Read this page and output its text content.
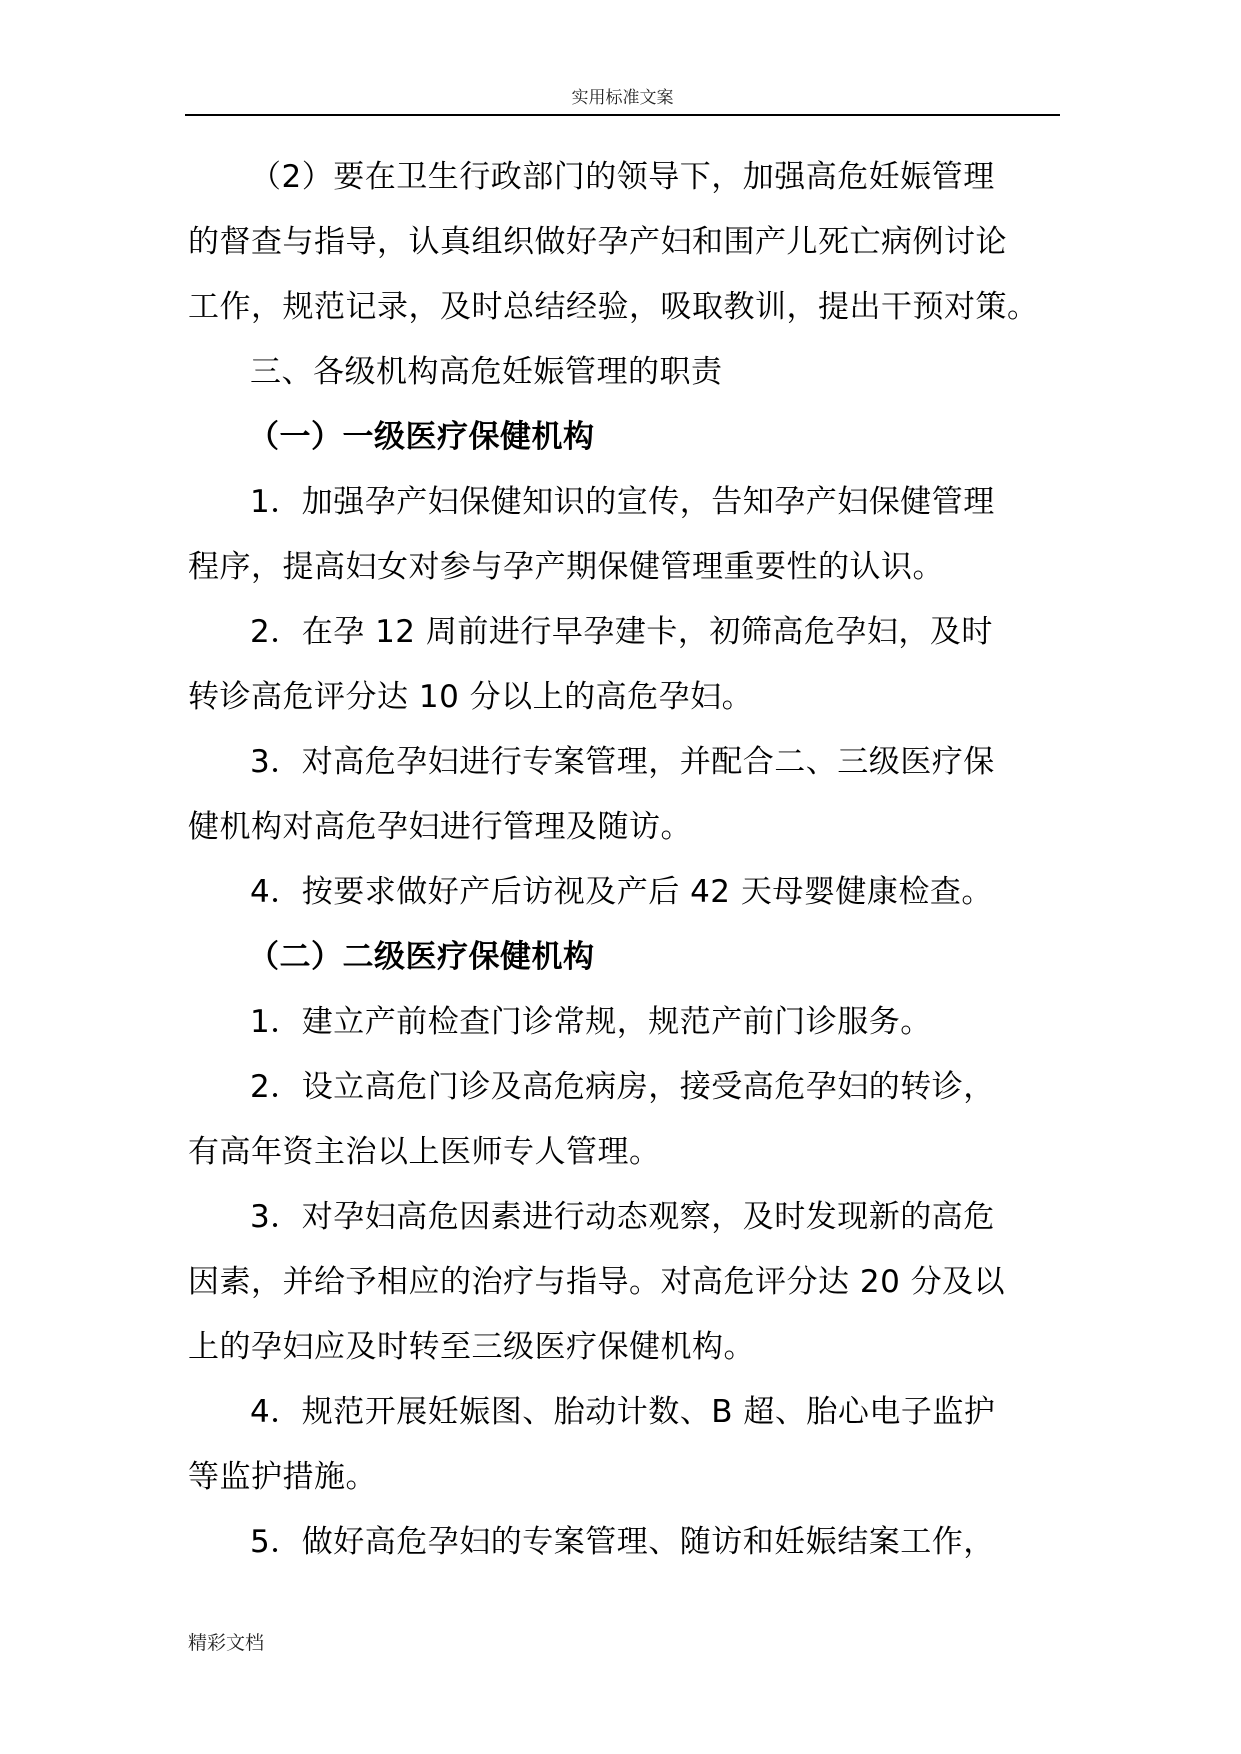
实用标准文案
（2）要在卫生行政部门的领导下，加强高危妊娠管理
的督查与指导，认真组织做好孕产妇和围产儿死亡病例讨论
工作，规范记录，及时总结经验，吸取教训，提出干预对策。
三、各级机构高危妊娠管理的职责
（一）一级医疗保健机构
1．加强孕产妇保健知识的宣传，告知孕产妇保健管理
程序，提高妇女对参与孕产期保健管理重要性的认识。
2．在孕 12 周前进行早孕建卡，初筛高危孕妇，及时
转诊高危评分达 10 分以上的高危孕妇。
3．对高危孕妇进行专案管理，并配合二、三级医疗保
健机构对高危孕妇进行管理及随访。
4．按要求做好产后访视及产后 42 天母婴健康检查。
（二）二级医疗保健机构
1．建立产前检查门诊常规，规范产前门诊服务。
2．设立高危门诊及高危病房，接受高危孕妇的转诊，
有高年资主治以上医师专人管理。
3．对孕妇高危因素进行动态观察，及时发现新的高危
因素，并给予相应的治疗与指导。对高危评分达 20 分及以
上的孕妇应及时转至三级医疗保健机构。
4．规范开展妊娠图、胎动计数、B 超、胎心电子监护
等监护措施。
5．做好高危孕妇的专案管理、随访和妊娠结案工作，
精彩文档
